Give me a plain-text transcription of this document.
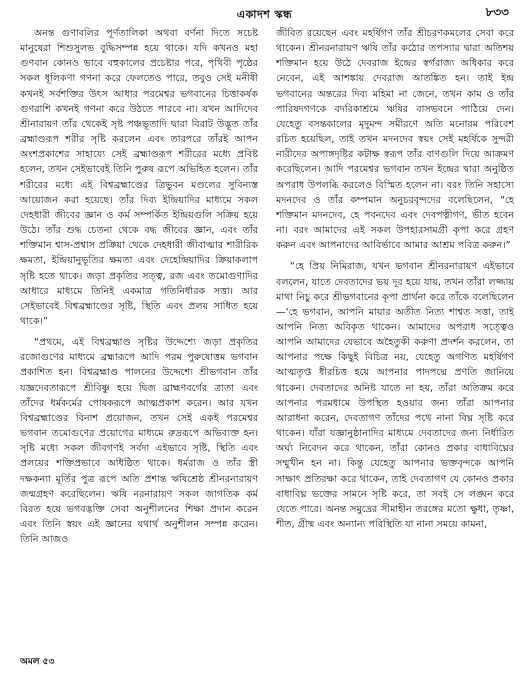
একাদশ স্কন্ধ	৮৩৩

অনন্ত গুণাবলির পূর্ণতালিকা অথবা বর্ণনা দিতে সচেষ্ট মানুষেরা শিশুসুলভ বুদ্ধিসম্পন্ন হয়ে থাকে। যদি কখনও মহা গুণবান কোনও ভাবে বহুকালের প্রচেষ্টার পরে, পৃথিবী পৃষ্ঠের সকল ধূলিকণা গণনা করে ফেলতেও পারে, তবুও সেই মনীষী কখনই সর্বশক্তির উৎস আধার পরমেশ্বর ভগবানের চিত্তাকর্ষক গুণরাশি কখনই গণনা করে উঠতে পারবে না। যখন আদিদেব শ্রীনারায়ণ তাঁর থেকেই সৃষ্ট পঞ্চভূতাদি দ্বারা বিরাট উদ্ভূত তাঁর ব্রহ্মাণ্ডরূপ শরীর সৃষ্টি করলেন এবং তারপরে তাঁরই আপন অংশপ্রকাশের সাহায্যে সেই ব্রহ্মাণ্ডরূপ শরীরের মধ্যে প্রবিষ্ট হলেন, তখন সেইভাবেই তিনি পুরুষ রূপে অভিহিত হলেন। তাঁর শরীরের মধ্যে এই বিশ্বব্রহ্মাণ্ডের ত্রিভুবন মণ্ডলের সুবিন্যস্ত আয়োজন করা হয়েছে। তাঁর দিব্য ইন্দ্রিয়াদির মাধ্যমে সকল দেহধারী জীবের জ্ঞান ও কর্ম সম্পর্কিত ইন্দ্রিয়গুলি সক্রিয় হয়ে উঠে। তাঁর শুদ্ধ চেতনা থেকে বদ্ধ জীবের জ্ঞান, এবং তাঁর শক্তিমান শ্বাস-প্রশ্বাস প্রক্রিয়া থেকে দেহধারী জীবাত্মার শারীরিক ক্ষমতা, ইন্দ্রিয়ানুভূতির ক্ষমতা এবং দেহেন্দ্রিয়াদির ক্রিয়াকলাপ সৃষ্টি হতে থাকে। জড়া প্রকৃতির সত্ত্ব, রজ এবং তমোগুণাদির আধারে মাধ্যমে তিনিই একমাত্র গতিনির্ধারক সত্তা। আর সেইভাবেই বিশ্বব্রহ্মাণ্ডের সৃষ্টি, স্থিতি এবং প্রলয় সাধিত হয়ে থাকে।”

“প্রথমে, এই বিশ্বব্রহ্মাণ্ড সৃষ্টির উদ্দেশ্যে জড়া প্রকৃতির রজোগুণের মাধ্যমে ব্রহ্মারূপে আদি পরম পুরুষোত্তম ভগবান প্রকাশিত হন। বিশ্বব্রহ্মাণ্ড পালনের উদ্দেশ্যে শ্রীভগবান তাঁর যজ্ঞদেবতারূপে শ্রীবিষ্ণু হয়ে দ্বিজ ব্রাহ্মণবর্গের ত্রাতা এবং তাঁদের ধর্মকর্মের পোষকরূপে আত্মপ্রকাশ করেন। আর যখন বিশ্বব্রহ্মাণ্ডের বিনাশ প্রয়োজন, তখন সেই একই পরমেশ্বর ভগবান তমোগুণের প্রয়োগের মাধ্যমে রুদ্ররূপে অভিব্যক্ত হন। সৃষ্টি মধ্যে সকল জীবগণই সর্বদা এইভাবে সৃষ্টি, স্থিতি এবং প্রলয়ের শক্তিপ্রভাবে অধিষ্ঠিত থাকে। ধর্মরাজ ও তাঁর স্ত্রী দক্ষকন্যা মূর্তির পুত্র রূপে অতি প্রশান্ত ঋষিশ্রেষ্ঠ শ্রীনরনারায়ণ জন্মগ্রহণ করেছিলেন। ঋষি নরনারায়ণ সকল জাগতিক কর্ম বিরত হয়ে ভগবদ্ভক্তি সেবা অনুশীলনের শিক্ষা প্রদান করেন এবং তিনি স্বয়ং এই জ্ঞানের যথার্থ অনুশীলন সম্পন্ন করেন। তিনি আজও

জীবিত রয়েছেন এবং মহর্ষিগণ তাঁর শ্রীচরণকমলের সেবা করে থাকেন। শ্রীনরনারায়ণ ঋষি তাঁর কঠোর তপস্যার দ্বারা অতিশয় শক্তিমান হয়ে উঠে দেবরাজ ইন্দ্রের স্বর্গরাজ্য অধিকার করে নেবেন, এই আশঙ্কায় দেবরাজ আতঙ্কিত হন। তাই ইন্দ্র ভগবানের অন্তরের দিব্য মহিমা না জেনে, তখন কাম ও তাঁর পারিষদগণকে বদরিকাশ্রমে ঋষির বাসভবনে পাঠিয়ে দেন। যেহেতু বসন্তকালের মৃদুমন্দ সমীরণে অতি মনোরম পরিবেশ রচিত হয়েছিল, তাই তখন মদনদেব স্বয়ং সেই মহর্ষিকে সুন্দরী নারীদের অপাঙ্গদৃষ্টির কটাক্ষ স্বরূপ তাঁর বাণগুলি দিয়ে আক্রমণ করেছিলেন। আদি পরমেশ্বর ভগবান তখন ইন্দ্রের দ্বারা অনুষ্ঠিত অপরাধ উপলব্ধি করলেও বিস্মিত হলেন না। বরং তিনি সহাস্যে মদনদেব ও তাঁর কম্পমান অনুচরবৃন্দদের বলেছিলেন, “হে শক্তিমান মদনদেব, হে পবনদেব এবং দেবপত্নীগণ, ভীত হবেন না। বরং আমাদের এই সকল উপহারসামগ্রী কৃপা করে গ্রহণ করুন এবং আপনাদের আবির্ভাবে আমার আশ্রম পবিত্র করুন।”

“হে প্রিয় নিমিরাজ, যখন ভগবান শ্রীনরনারায়ণ এইভাবে বললেন, যাতে দেবতাদের ভয় দূর হয়ে যায়, তখন তাঁরা লজ্জায় মাথা নিচু করে শ্রীভগবানের কৃপা প্রার্থনা করে তাঁকে বলেছিলেন—‘হে ভগবান, আপনি মায়ার অতীত নিত্য শাশ্বত সত্তা, তাই আপনি নিত্য অবিকৃত থাকেন। আমাদের অপরাধ সত্ত্বেও আপনি আমাদের যেভাবে অহৈতুকী করুণা প্রদর্শন করলেন, তা আপনার পক্ষে কিছুই বিচিত্র নয়, যেহেতু অগণিত মহর্ষিগণ আত্মতৃপ্ত ধীরচিত্ত হয়ে আপনার পাদপদ্মে প্রণতি জানিয়ে থাকেন। দেবতাদের অনিষ্ট যাতে না হয়, তাঁরা অতিক্রম করে আপনার পরমধামে উপস্থিত হওয়ার জন্য তাঁরা আপনার আরাধনা করেন, দেবতাগণ তাঁদের পথে নানা বিঘ্ন সৃষ্টি করে থাকেন। যাঁরা যজ্ঞানুষ্ঠানাদির মাধ্যমে দেবতাদের জন্য নির্ধারিত অর্ঘ্য নিবেদন করে থাকেন, তাঁরা কোনও প্রকার বাধাবিঘ্নের সম্মুখীন হন না। কিন্তু যেহেতু আপনার ভক্তবৃন্দকে আপনি সাক্ষাৎ প্রতিরক্ষা করে থাকেন, তাই দেবতাগণ যে কোনও প্রকার বাধাবিঘ্ন ভক্তের সামনে সৃষ্টি করে, তা সবই সে লঙ্ঘন করে যেতে পারে। অনন্ত সমুদ্রের সীমাহীন তরঙ্গের মতো ক্ষুধা, তৃষ্ণা, শীত, গ্রীষ্ম এবং অন্যান্য পরিস্থিতি যা নানা সময়ে কামনা,

অমল ৫৩
